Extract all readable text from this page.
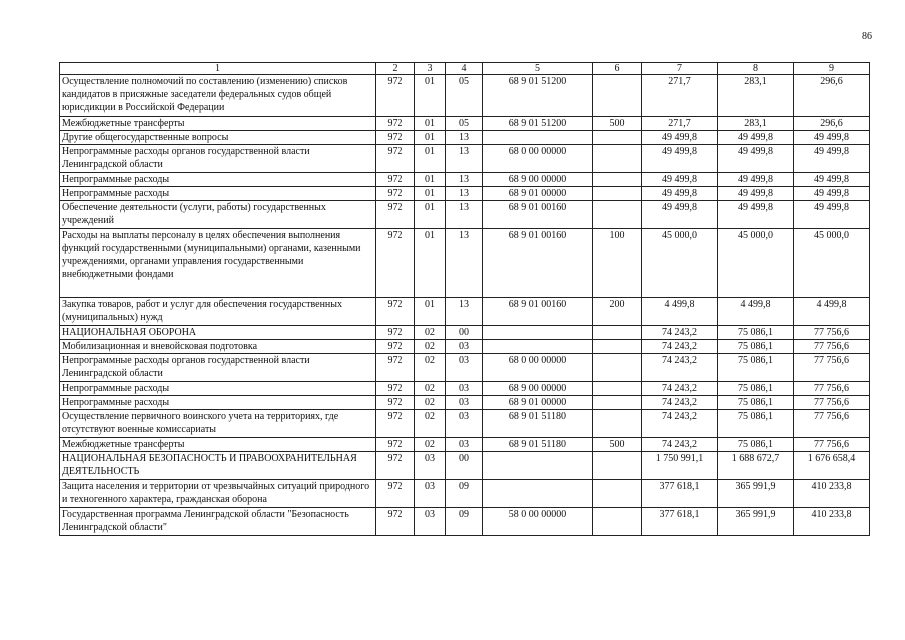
86
1	2	3	4	5	6	7	8	9
Осуществление полномочий по составлению (изменению) списков кандидатов в присяжные заседатели федеральных судов общей юрисдикции в Российской Федерации	972	01	05	68 9 01 51200		271,7	283,1	296,6
Межбюджетные трансферты	972	01	05	68 9 01 51200	500	271,7	283,1	296,6
Другие общегосударственные вопросы	972	01	13			49 499,8	49 499,8	49 499,8
Непрограммные расходы органов государственной власти Ленинградской области	972	01	13	68 0 00 00000		49 499,8	49 499,8	49 499,8
Непрограммные расходы	972	01	13	68 9 00 00000		49 499,8	49 499,8	49 499,8
Непрограммные расходы	972	01	13	68 9 01 00000		49 499,8	49 499,8	49 499,8
Обеспечение деятельности (услуги, работы) государственных учреждений	972	01	13	68 9 01 00160		49 499,8	49 499,8	49 499,8
Расходы на выплаты персоналу в целях обеспечения выполнения функций государственными (муниципальными) органами, казенными учреждениями, органами управления государственными внебюджетными фондами	972	01	13	68 9 01 00160	100	45 000,0	45 000,0	45 000,0
Закупка товаров, работ и услуг для обеспечения государственных (муниципальных) нужд	972	01	13	68 9 01 00160	200	4 499,8	4 499,8	4 499,8
НАЦИОНАЛЬНАЯ ОБОРОНА	972	02	00			74 243,2	75 086,1	77 756,6
Мобилизационная и вневойсковая подготовка	972	02	03			74 243,2	75 086,1	77 756,6
Непрограммные расходы органов государственной власти Ленинградской области	972	02	03	68 0 00 00000		74 243,2	75 086,1	77 756,6
Непрограммные расходы	972	02	03	68 9 00 00000		74 243,2	75 086,1	77 756,6
Непрограммные расходы	972	02	03	68 9 01 00000		74 243,2	75 086,1	77 756,6
Осуществление первичного воинского учета на территориях, где отсутствуют военные комиссариаты	972	02	03	68 9 01 51180		74 243,2	75 086,1	77 756,6
Межбюджетные трансферты	972	02	03	68 9 01 51180	500	74 243,2	75 086,1	77 756,6
НАЦИОНАЛЬНАЯ БЕЗОПАСНОСТЬ И ПРАВООХРАНИТЕЛЬНАЯ ДЕЯТЕЛЬНОСТЬ	972	03	00			1 750 991,1	1 688 672,7	1 676 658,4
Защита населения и территории от чрезвычайных ситуаций природного и техногенного характера, гражданская оборона	972	03	09			377 618,1	365 991,9	410 233,8
Государственная программа Ленинградской области "Безопасность Ленинградской области"	972	03	09	58 0 00 00000		377 618,1	365 991,9	410 233,8
